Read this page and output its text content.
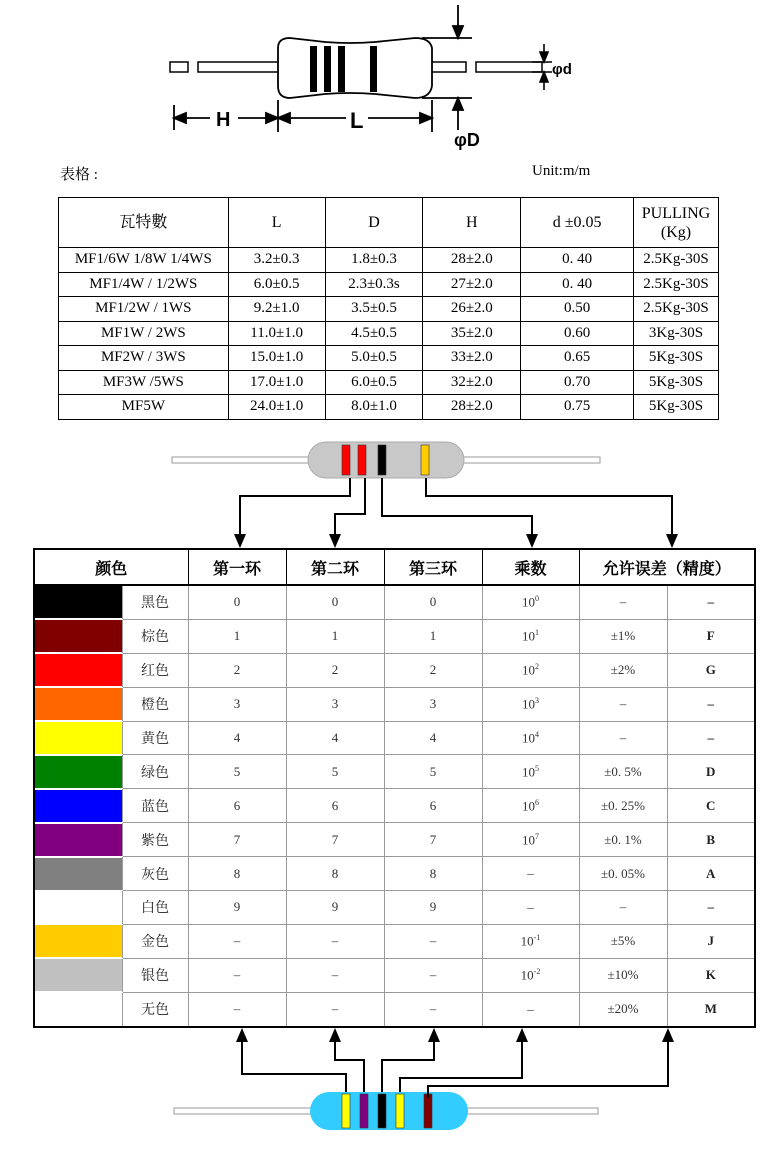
H	L
φD
φd
表格 :	Unit:m/m
瓦特數	L	D	H	d ±0.05	PULLING (Kg)
MF1/6W 1/8W 1/4WS	3.2±0.3	1.8±0.3	28±2.0	0. 40	2.5Kg-30S
MF1/4W / 1/2WS	6.0±0.5	2.3±0.3s	27±2.0	0. 40	2.5Kg-30S
MF1/2W / 1WS	9.2±1.0	3.5±0.5	26±2.0	0.50	2.5Kg-30S
MF1W / 2WS	11.0±1.0	4.5±0.5	35±2.0	0.60	3Kg-30S
MF2W / 3WS	15.0±1.0	5.0±0.5	33±2.0	0.65	5Kg-30S
MF3W /5WS	17.0±1.0	6.0±0.5	32±2.0	0.70	5Kg-30S
MF5W	24.0±1.0	8.0±1.0	28±2.0	0.75	5Kg-30S
颜色		第一环	第二环	第三环	乘数	允许误差（精度）	

	黑色	0	0	0	$10^0$	–	–

	棕色	1	1	1	$10^1$	±1%	F

	红色	2	2	2	$10^2$	±2%	G

	橙色	3	3	3	$10^3$	–	–

	黄色	4	4	4	$10^4$	–	–

	绿色	5	5	5	$10^5$	±0. 5%	D

	蓝色	6	6	6	$10^6$	±0. 25%	C

	紫色	7	7	7	$10^7$	±0. 1%	B

	灰色	8	8	8	–	±0. 05%	A

	白色	9	9	9	–	–	–

	金色	–	–	–	$10^{-1}$	±5%	J

	银色	–	–	–	$10^{-2}$	±10%	K

	无色	–	–	–	–	±20%	M
